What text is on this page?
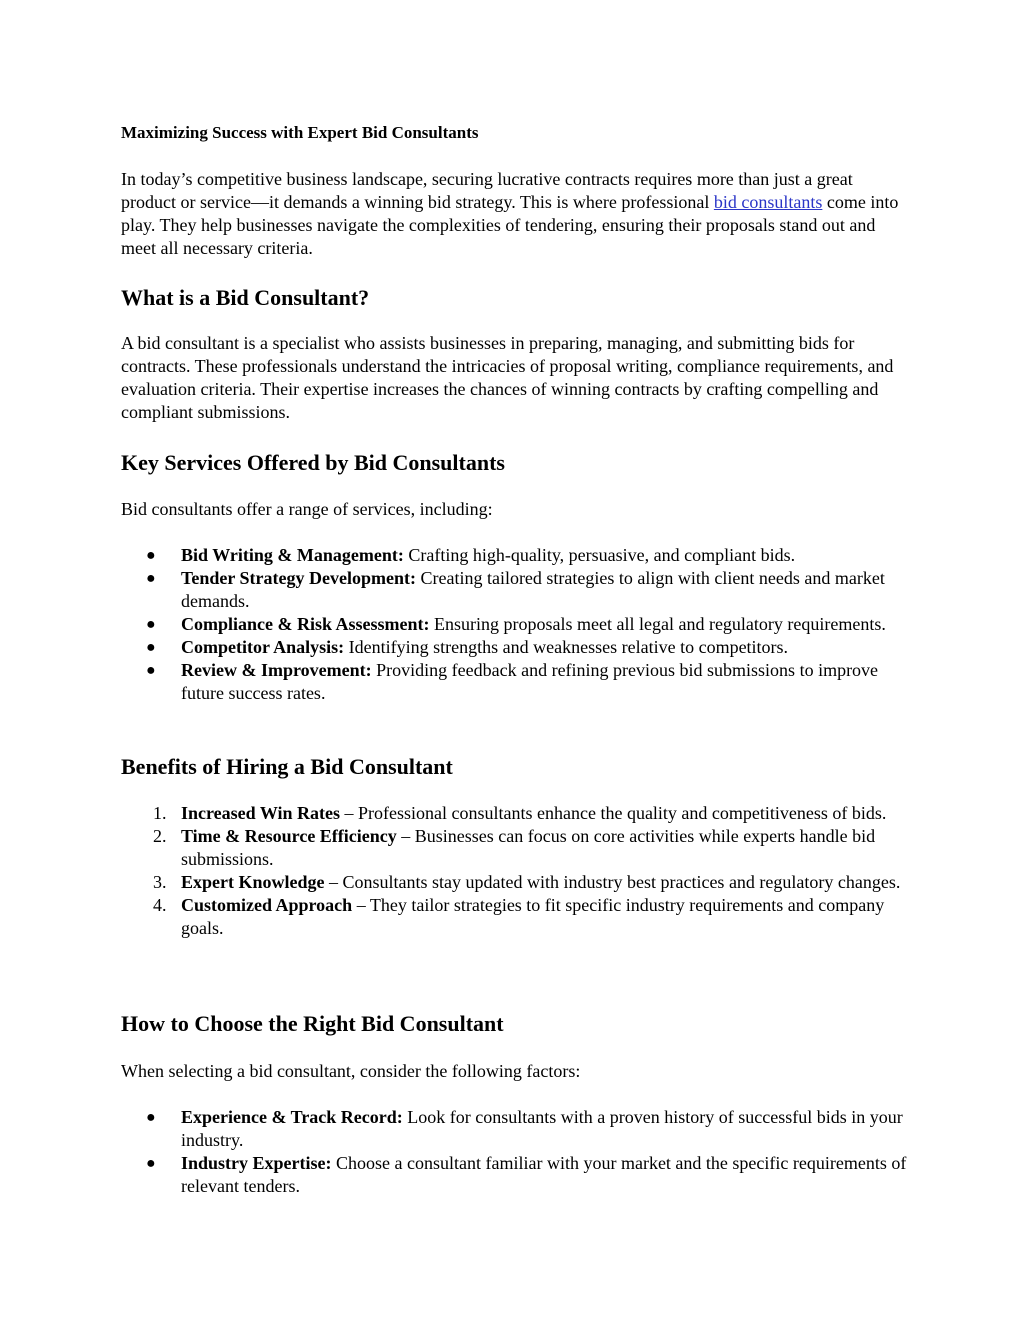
Maximizing Success with Expert Bid Consultants

In today’s competitive business landscape, securing lucrative contracts requires more than just a great product or service—it demands a winning bid strategy. This is where professional bid consultants come into play. They help businesses navigate the complexities of tendering, ensuring their proposals stand out and meet all necessary criteria.

What is a Bid Consultant?

A bid consultant is a specialist who assists businesses in preparing, managing, and submitting bids for contracts. These professionals understand the intricacies of proposal writing, compliance requirements, and evaluation criteria. Their expertise increases the chances of winning contracts by crafting compelling and compliant submissions.

Key Services Offered by Bid Consultants

Bid consultants offer a range of services, including:

● Bid Writing & Management: Crafting high-quality, persuasive, and compliant bids.
● Tender Strategy Development: Creating tailored strategies to align with client needs and market demands.
● Compliance & Risk Assessment: Ensuring proposals meet all legal and regulatory requirements.
● Competitor Analysis: Identifying strengths and weaknesses relative to competitors.
● Review & Improvement: Providing feedback and refining previous bid submissions to improve future success rates.
Benefits of Hiring a Bid Consultant
1. Increased Win Rates – Professional consultants enhance the quality and competitiveness of bids.
2. Time & Resource Efficiency – Businesses can focus on core activities while experts handle bid submissions.
3. Expert Knowledge – Consultants stay updated with industry best practices and regulatory changes.
4. Customized Approach – They tailor strategies to fit specific industry requirements and company goals.
How to Choose the Right Bid Consultant

When selecting a bid consultant, consider the following factors:

● Experience & Track Record: Look for consultants with a proven history of successful bids in your industry.
● Industry Expertise: Choose a consultant familiar with your market and the specific requirements of relevant tenders.
